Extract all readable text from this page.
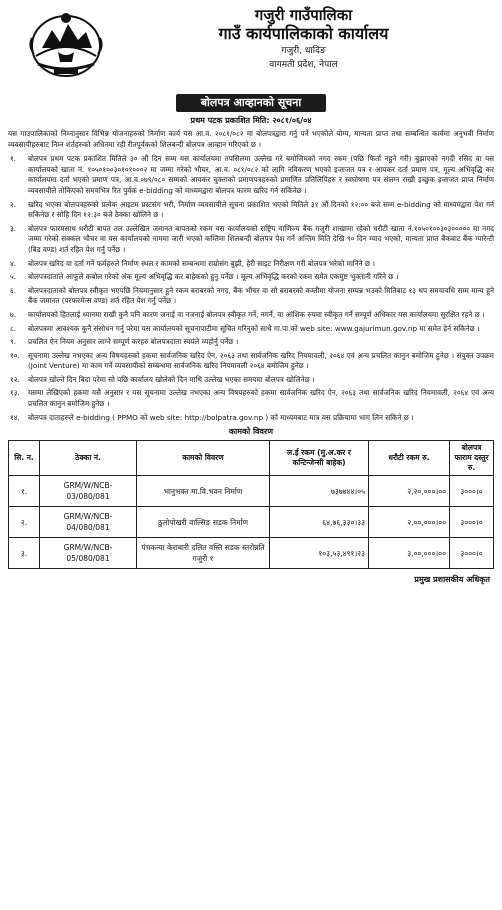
गजुरी गाउँपालिका
गाउँ कार्यपालिकाको कार्यालय
गजुरी, धादिङ
वागमती प्रदेश, नेपाल
बोलपत्र आव्हानको सूचना
प्रथम पटक प्रकाशित मिति: २०८१/०६/०४
यस गाउपालिकाको निम्नानुसार विभिन्न योजनाहरुको निर्माण कार्य यस आ.व. २०८१/०८२ मा बोलपत्रद्वारा गर्नु पर्ने भएकोले योग्य, मान्यता प्राप्त तथा सम्बन्धित कार्यमा अनुभवी निर्माण व्यवसायीहरुबाट निम्न शर्तहरुको अधिनमा रही रीतपूर्वकको शिलबन्दी बोलपत्र आव्हान गरिएको छ ।
१.	बोलपत्र प्रथम पटक प्रकाशित मितिले ३० औं दिन सम्म यस कार्यालयमा तपसिलमा उल्लेख गरे बमोजिमको नगद रकम (पछि फिर्ता नहुने गरी) बुझाएको नगदी रसिद वा यस कार्यालयको खाता नं. १०५०१००३०१०१०००२ मा जम्मा गरेको भौचर, आ.व. ०८१/०८२ को लागि नविकरण भएको इजाजत पत्र र आयकर दर्ता प्रमाण पत्र, मूल्य अभिवृद्धि कर कार्यालयमा दर्ता भएको प्रमाण पत्र, आ.व.०७९/०८० सम्मको आयकर चुक्ताको प्रमाणपत्रहरुको प्रमाणित प्रतिलिपिहरु र स्वघोषणा पत्र संलग्न राखी इच्छुक इजाजत प्राप्त निर्माण व्यवसायीले तोकिएको समयभित्र रित पुर्वक e-bidding को माध्यमद्वारा बोलपत्र फारम खरिद गर्न सकिनेछ ।
२.	खरिद भएका बोलपत्रहरुको प्रत्येक आइटम प्रस्टसंग भरी, निर्माण व्यवसायीले सूचना प्रकाशित भएको मितिले ३१ औं दिनको १२:०० बजे सम्म e-bidding को माध्यमद्वारा पेश गर्न सकिनेछ र सोहि दिन १२:३० बजे ठेक्का खोलिने छ ।
३.	बोलपत्र फारमसाथ धरौटी बापत तल उल्लेखित जमानत बापतको रकम यस कार्यालयको राष्ट्रिय वाणिज्य बैंक गजुरी शाखामा रहेको धरौटी खाता नं.१०५०१००३०३००००० मा नगद जम्मा गरेको सक्कल भौचर वा यस कार्यालयको नाममा जारी भएको कम्तिमा शिलबन्दी बोलपत्र पेश गर्ने अन्तिम मिति देखि ९० दिन म्याद भएको, मान्यता प्राप्त बैंकबाट बैंक ग्यारेन्टी (बिड वण्ड) शर्त रहित पेश गर्नु पर्नेछ ।
४.	बोलपत्र खरिद वा दर्ता गर्ने फर्महरुले निर्माण स्थल र कामको सम्बन्धमा राम्रोसंग बुझी, हेरी साइट निरीक्षण गरी बोलपत्र भरेको मानिने छ ।
५.	बोलपत्रदाताले आफूले कबोल गरेको अंक मूल्य अभिवृद्धि कर बाहेकको हुनु पर्नेछ । मूल्य अभिवृद्धि करको रकम समेत एकमुष्ट भुक्तानी गरिने छ ।
६.	बोलपत्रदाताको बोलपत्र स्वीकृत भएपछि नियमानुसार हुने रकम बराबरको नगद, बैंक भौचर वा सो बराबरको कम्तीमा योजना सम्पन्न भउको मितिबाट १३ थप समयावधि सम्म मान्य हुने बैंक जमानत (परफरमेन्स वण्ड) शर्त रहित पेश गर्नु पर्नेछ ।
७.	कार्यालयको हितलाई ध्यानमा राखी कुनै पनि कारण जनाई वा नजनाई बोलपत्र स्वीकृत गर्ने, नगर्ने, वा आंशिक रुपमा स्वीकृत गर्ने सम्पूर्ण अधिकार यस कार्यालयमा सुरक्षित रहने छ ।
८.	बोलपत्रमा आवश्यक कुनै संसोधन गर्नु परेमा यस कार्यालयको सूचनापाटीमा सूचित गरिनुको साथै गा.पा.को web site: www.gajurimun.gov.np मा समेत हेर्न सकिनेछ ।
९.	प्रचलित ऐन नियम अनुसार लाग्ने सम्पूर्ण करहरु बोलपत्रदाता स्वयंले व्यहोर्नु पर्नेछ ।
१०.	सूचनामा उल्लेख नभएका अन्य विषयहरुको हकमा सार्वजनिक खरिद ऐन, २०६३ तथा सार्वजनिक खरिद नियमावली, २०६४ एवं अन्य प्रचलित कानुन बमोजिम हुनेछ । संयुक्त उपक्रम (Joint Venture) मा काम गर्ने व्यवसायीको सम्बन्धमा सार्वजनिक खरिद नियमावली २०६४ बमोजिम हुनेछ ।
१२.	बोलपत्र खोल्ने दिन बिदा परेमा सो पछि कार्यालय खोलेको दिन माथि उल्लेख भएका समयमा बोलपत्र खोलिनेछ ।
१३.	यसमा लेखिएको हकमा यसै अनुसार र यस सूचनामा उल्लेख नभएका अन्य विषयहरुको हकमा सार्वजनिक खरिद ऐन, २०६३ तथा सार्वजनिक खरिद नियमावली, २०६४ एवं अन्य प्रचलित कानुन बमोजिम हुनेछ ।
१४.	बोलपत्र दाताहरुले e-bidding ( PPMO को web site: http://bolpatra.gov.np ) को माध्यमबाट मात्र यस प्रक्रियामा भाग लिन सकिने छ ।
कामको विवरण
सि. न.	ठेक्का नं.	कामको विवरण	ल.ई रकम (मु.अ.कर र कन्टिन्जेन्सी बाहेक)	धरौटी रकम रु.	बोलपत्र फाराम दस्तुर रु.
१.	GRM/W/NCB-03/080/081	भानुभक्त मा.वि.भवन निर्माण	७३७७४४।०५	२,२०,०००।००	३०००।०
२.	GRM/W/NCB-04/080/081	ठुलोपोखरी वाल्सिङ सडक निर्माण	६४,७६,३३०।३३	२,००,०००।००	३०००।०
३.	GRM/W/NCB-05/080/081	पंचकन्या केराबारी दलित वस्ति सडक स्तरोन्नति गजुरी १	१०३,५३,४९१।२३	३,००,०००।००	३०००।०
प्रमुख प्रशासकीय अधिकृत
